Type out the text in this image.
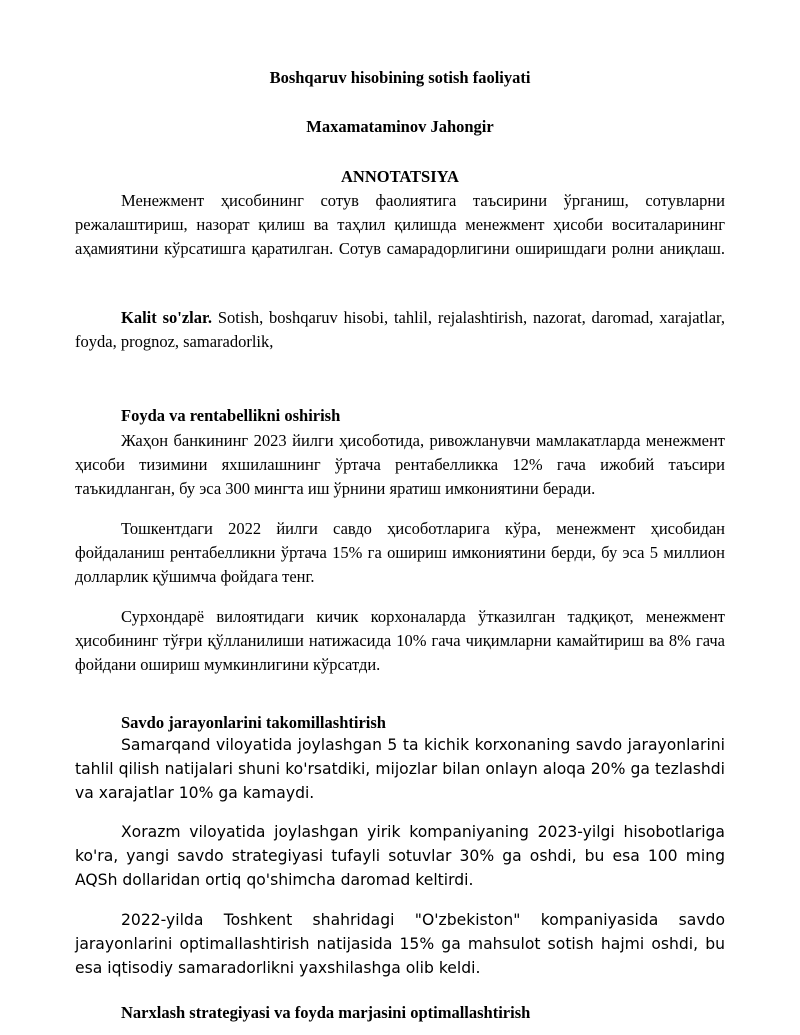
Boshqaruv hisobining sotish faoliyati
Maxamataminov Jahongir
ANNOTATSIYA

Менежмент ҳисобининг сотув фаолиятига таъсирини ўрганиш, сотувларни режалаштириш, назорат қилиш ва таҳлил қилишда менежмент ҳисоби воситаларининг аҳамиятини кўрсатишга қаратилган. Сотув самарадорлигини оширишдаги ролни аниқлаш.

Kalit so'zlar. Sotish, boshqaruv hisobi, tahlil, rejalashtirish, nazorat, daromad, xarajatlar, foyda, prognoz, samaradorlik,

Foyda va rentabellikni oshirish

Жаҳон банкининг 2023 йилги ҳисоботида, ривожланувчи мамлакатларда менежмент ҳисоби тизимини яхшилашнинг ўртача рентабелликка 12% гача ижобий таъсири таъкидланган, бу эса 300 мингта иш ўрнини яратиш имкониятини беради.

Тошкентдаги 2022 йилги савдо ҳисоботларига кўра, менежмент ҳисобидан фойдаланиш рентабелликни ўртача 15% га ошириш имкониятини берди, бу эса 5 миллион долларлик қўшимча фойдага тенг.

Сурхондарё вилоятидаги кичик корхоналарда ўтказилган тадқиқот, менежмент ҳисобининг тўғри қўлланилиши натижасида 10% гача чиқимларни камайтириш ва 8% гача фойдани ошириш мумкинлигини кўрсатди.

Savdo jarayonlarini takomillashtirish

Samarqand viloyatida joylashgan 5 ta kichik korxonaning savdo jarayonlarini tahlil qilish natijalari shuni ko'rsatdiki, mijozlar bilan onlayn aloqa 20% ga tezlashdi va xarajatlar 10% ga kamaydi.

Xorazm viloyatida joylashgan yirik kompaniyaning 2023-yilgi hisobotlariga ko'ra, yangi savdo strategiyasi tufayli sotuvlar 30% ga oshdi, bu esa 100 ming AQSh dollaridan ortiq qo'shimcha daromad keltirdi.

2022-yilda Toshkent shahridagi "O'zbekiston" kompaniyasida savdo jarayonlarini optimallashtirish natijasida 15% ga mahsulot sotish hajmi oshdi, bu esa iqtisodiy samaradorlikni yaxshilashga olib keldi.

Narxlash strategiyasi va foyda marjasini optimallashtirish
